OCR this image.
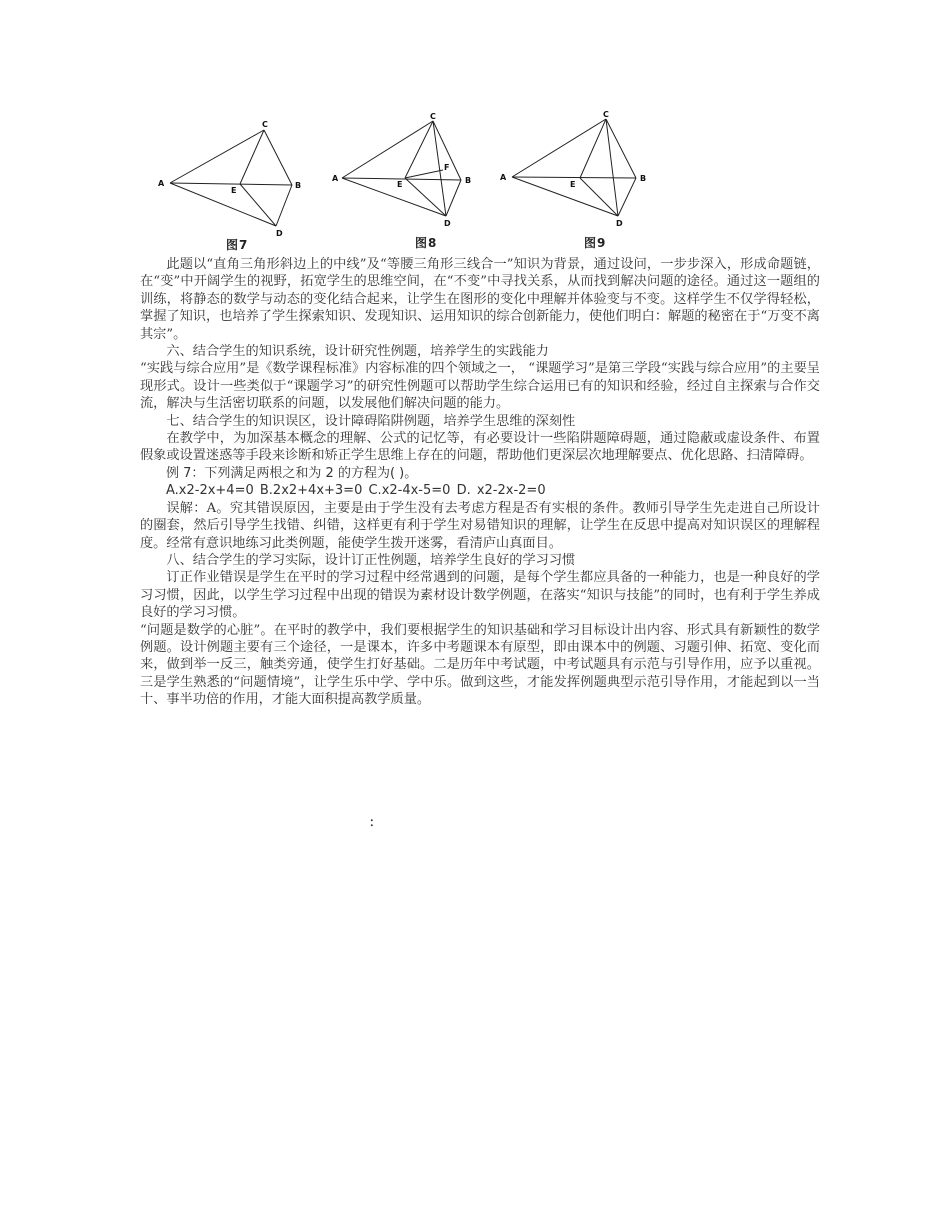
A	B
C
D
E
图7
A	B
C
D
E
F
图8
A	B
C
D
E
图9

此题以“直角三角形斜边上的中线”及“等腰三角形三线合一”知识为背景，通过设问，一步步深入，形成命题链，在“变”中开阔学生的视野，拓宽学生的思维空间，在“不变”中寻找关系，从而找到解决问题的途径。通过这一题组的训练，将静态的数学与动态的变化结合起来，让学生在图形的变化中理解并体验变与不变。这样学生不仅学得轻松，掌握了知识，也培养了学生探索知识、发现知识、运用知识的综合创新能力，使他们明白：解题的秘密在于“万变不离其宗”。

六、结合学生的知识系统，设计研究性例题，培养学生的实践能力

“实践与综合应用”是《数学课程标准》内容标准的四个领域之一， “课题学习”是第三学段“实践与综合应用”的主要呈现形式。设计一些类似于“课题学习”的研究性例题可以帮助学生综合运用已有的知识和经验，经过自主探索与合作交流，解决与生活密切联系的问题，以发展他们解决问题的能力。

七、结合学生的知识误区，设计障碍陷阱例题，培养学生思维的深刻性

在教学中，为加深基本概念的理解、公式的记忆等，有必要设计一些陷阱题障碍题，通过隐蔽或虚设条件、布置假象或设置迷惑等手段来诊断和矫正学生思维上存在的问题，帮助他们更深层次地理解要点、优化思路、扫清障碍。

例 7：下列满足两根之和为 2 的方程为( )。

A.x2-2x+4=0 B.2x2+4x+3=0 C.x2-4x-5=0 D. x2-2x-2=0

误解：A。究其错误原因，主要是由于学生没有去考虑方程是否有实根的条件。教师引导学生先走进自己所设计的圈套，然后引导学生找错、纠错，这样更有利于学生对易错知识的理解，让学生在反思中提高对知识误区的理解程度。经常有意识地练习此类例题，能使学生拨开迷雾，看清庐山真面目。

八、结合学生的学习实际，设计订正性例题，培养学生良好的学习习惯

订正作业错误是学生在平时的学习过程中经常遇到的问题，是每个学生都应具备的一种能力，也是一种良好的学习习惯，因此，以学生学习过程中出现的错误为素材设计数学例题，在落实“知识与技能”的同时，也有利于学生养成良好的学习习惯。

“问题是数学的心脏”。在平时的教学中，我们要根据学生的知识基础和学习目标设计出内容、形式具有新颖性的数学例题。设计例题主要有三个途径，一是课本，许多中考题课本有原型，即由课本中的例题、习题引伸、拓宽、变化而来，做到举一反三，触类旁通，使学生打好基础。二是历年中考试题，中考试题具有示范与引导作用，应予以重视。三是学生熟悉的“问题情境”，让学生乐中学、学中乐。做到这些，才能发挥例题典型示范引导作用，才能起到以一当十、事半功倍的作用，才能大面积提高教学质量。

：
